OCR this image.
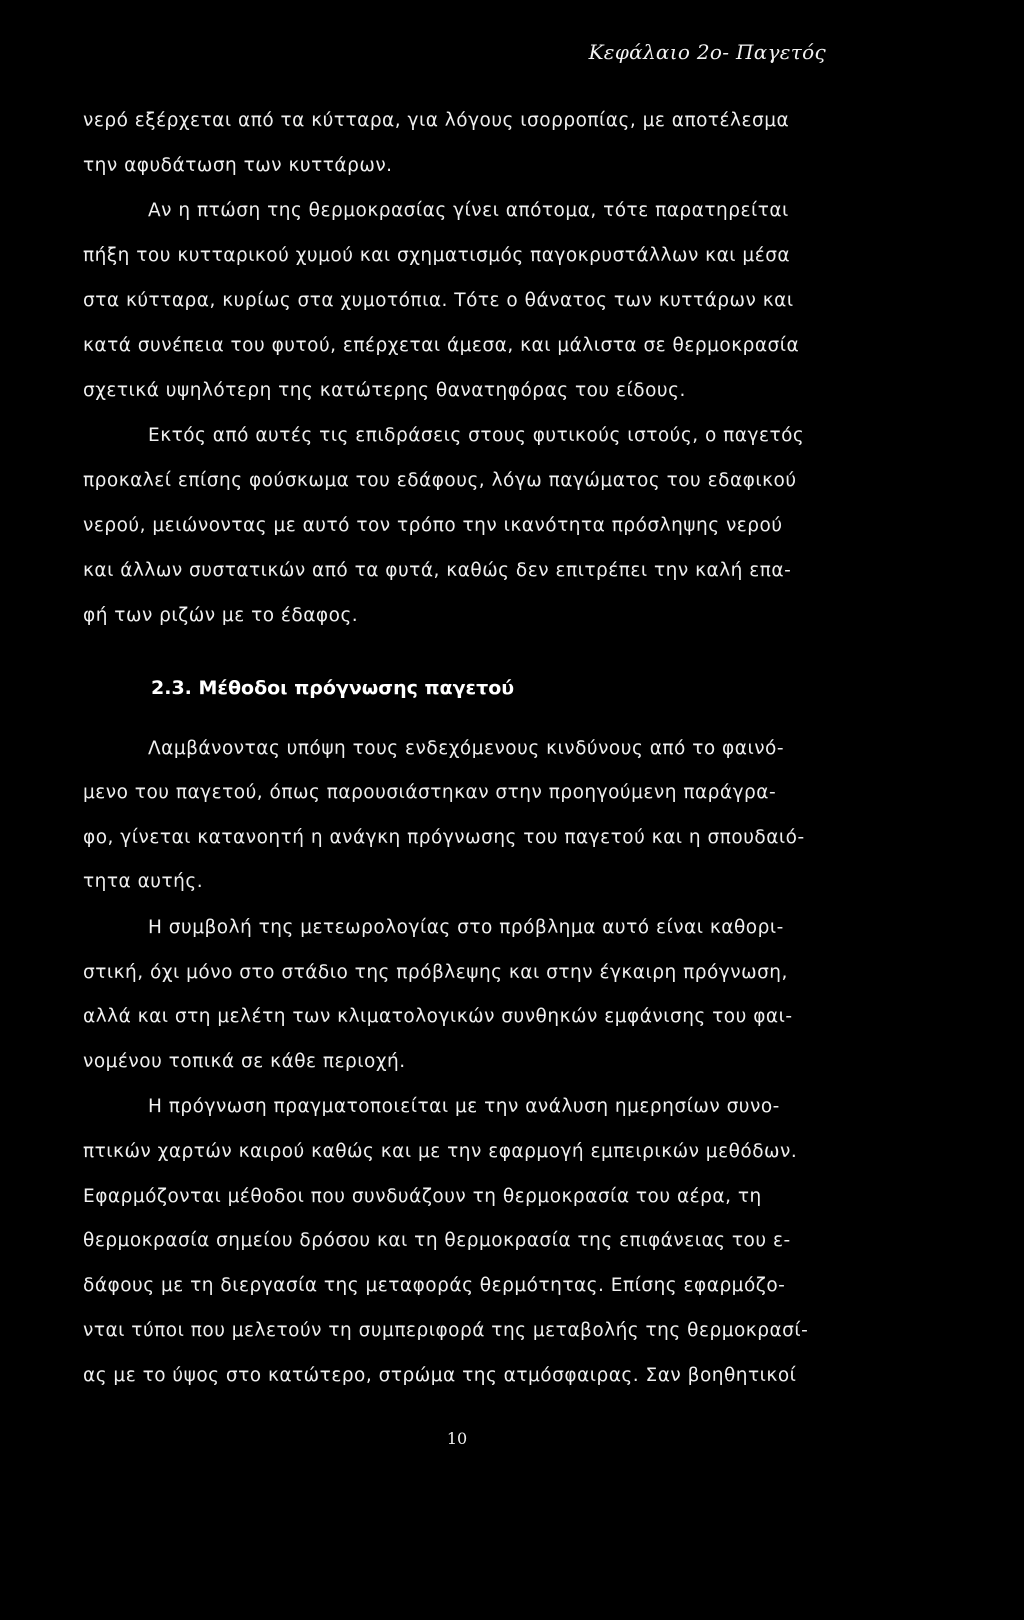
Κεφάλαιο 2ο- Παγετός
νερό εξέρχεται από τα κύτταρα, για λόγους ισορροπίας, με αποτέλεσμα
την αφυδάτωση των κυττάρων.
Αν η πτώση της θερμοκρασίας γίνει απότομα, τότε παρατηρείται
πήξη του κυτταρικού χυμού και σχηματισμός παγοκρυστάλλων και μέσα
στα κύτταρα, κυρίως στα χυμοτόπια. Τότε ο θάνατος των κυττάρων και
κατά συνέπεια του φυτού, επέρχεται άμεσα, και μάλιστα σε θερμοκρασία
σχετικά υψηλότερη της κατώτερης θανατηφόρας του είδους.
Εκτός από αυτές τις επιδράσεις στους φυτικούς ιστούς, ο παγετός
προκαλεί επίσης φούσκωμα του εδάφους, λόγω παγώματος του εδαφικού
νερού, μειώνοντας με αυτό τον τρόπο την ικανότητα πρόσληψης νερού
και άλλων συστατικών από τα φυτά, καθώς δεν επιτρέπει την καλή επα-
φή των ριζών με το έδαφος.
2.3. Μέθοδοι πρόγνωσης παγετού
Λαμβάνοντας υπόψη τους ενδεχόμενους κινδύνους από το φαινό-
μενο του παγετού, όπως παρουσιάστηκαν στην προηγούμενη παράγρα-
φο, γίνεται κατανοητή η ανάγκη πρόγνωσης του παγετού και η σπουδαιό-
τητα αυτής.
Η συμβολή της μετεωρολογίας στο πρόβλημα αυτό είναι καθορι-
στική, όχι μόνο στο στάδιο της πρόβλεψης και στην έγκαιρη πρόγνωση,
αλλά και στη μελέτη των κλιματολογικών συνθηκών εμφάνισης του φαι-
νομένου τοπικά σε κάθε περιοχή.
Η πρόγνωση πραγματοποιείται με την ανάλυση ημερησίων συνο-
πτικών χαρτών καιρού καθώς και με την εφαρμογή εμπειρικών μεθόδων.
Εφαρμόζονται μέθοδοι που συνδυάζουν τη θερμοκρασία του αέρα, τη
θερμοκρασία σημείου δρόσου και τη θερμοκρασία της επιφάνειας του ε-
δάφους με τη διεργασία της μεταφοράς θερμότητας. Επίσης εφαρμόζο-
νται τύποι που μελετούν τη συμπεριφορά της μεταβολής της θερμοκρασί-
ας με το ύψος στο κατώτερο, στρώμα της ατμόσφαιρας. Σαν βοηθητικοί
10
